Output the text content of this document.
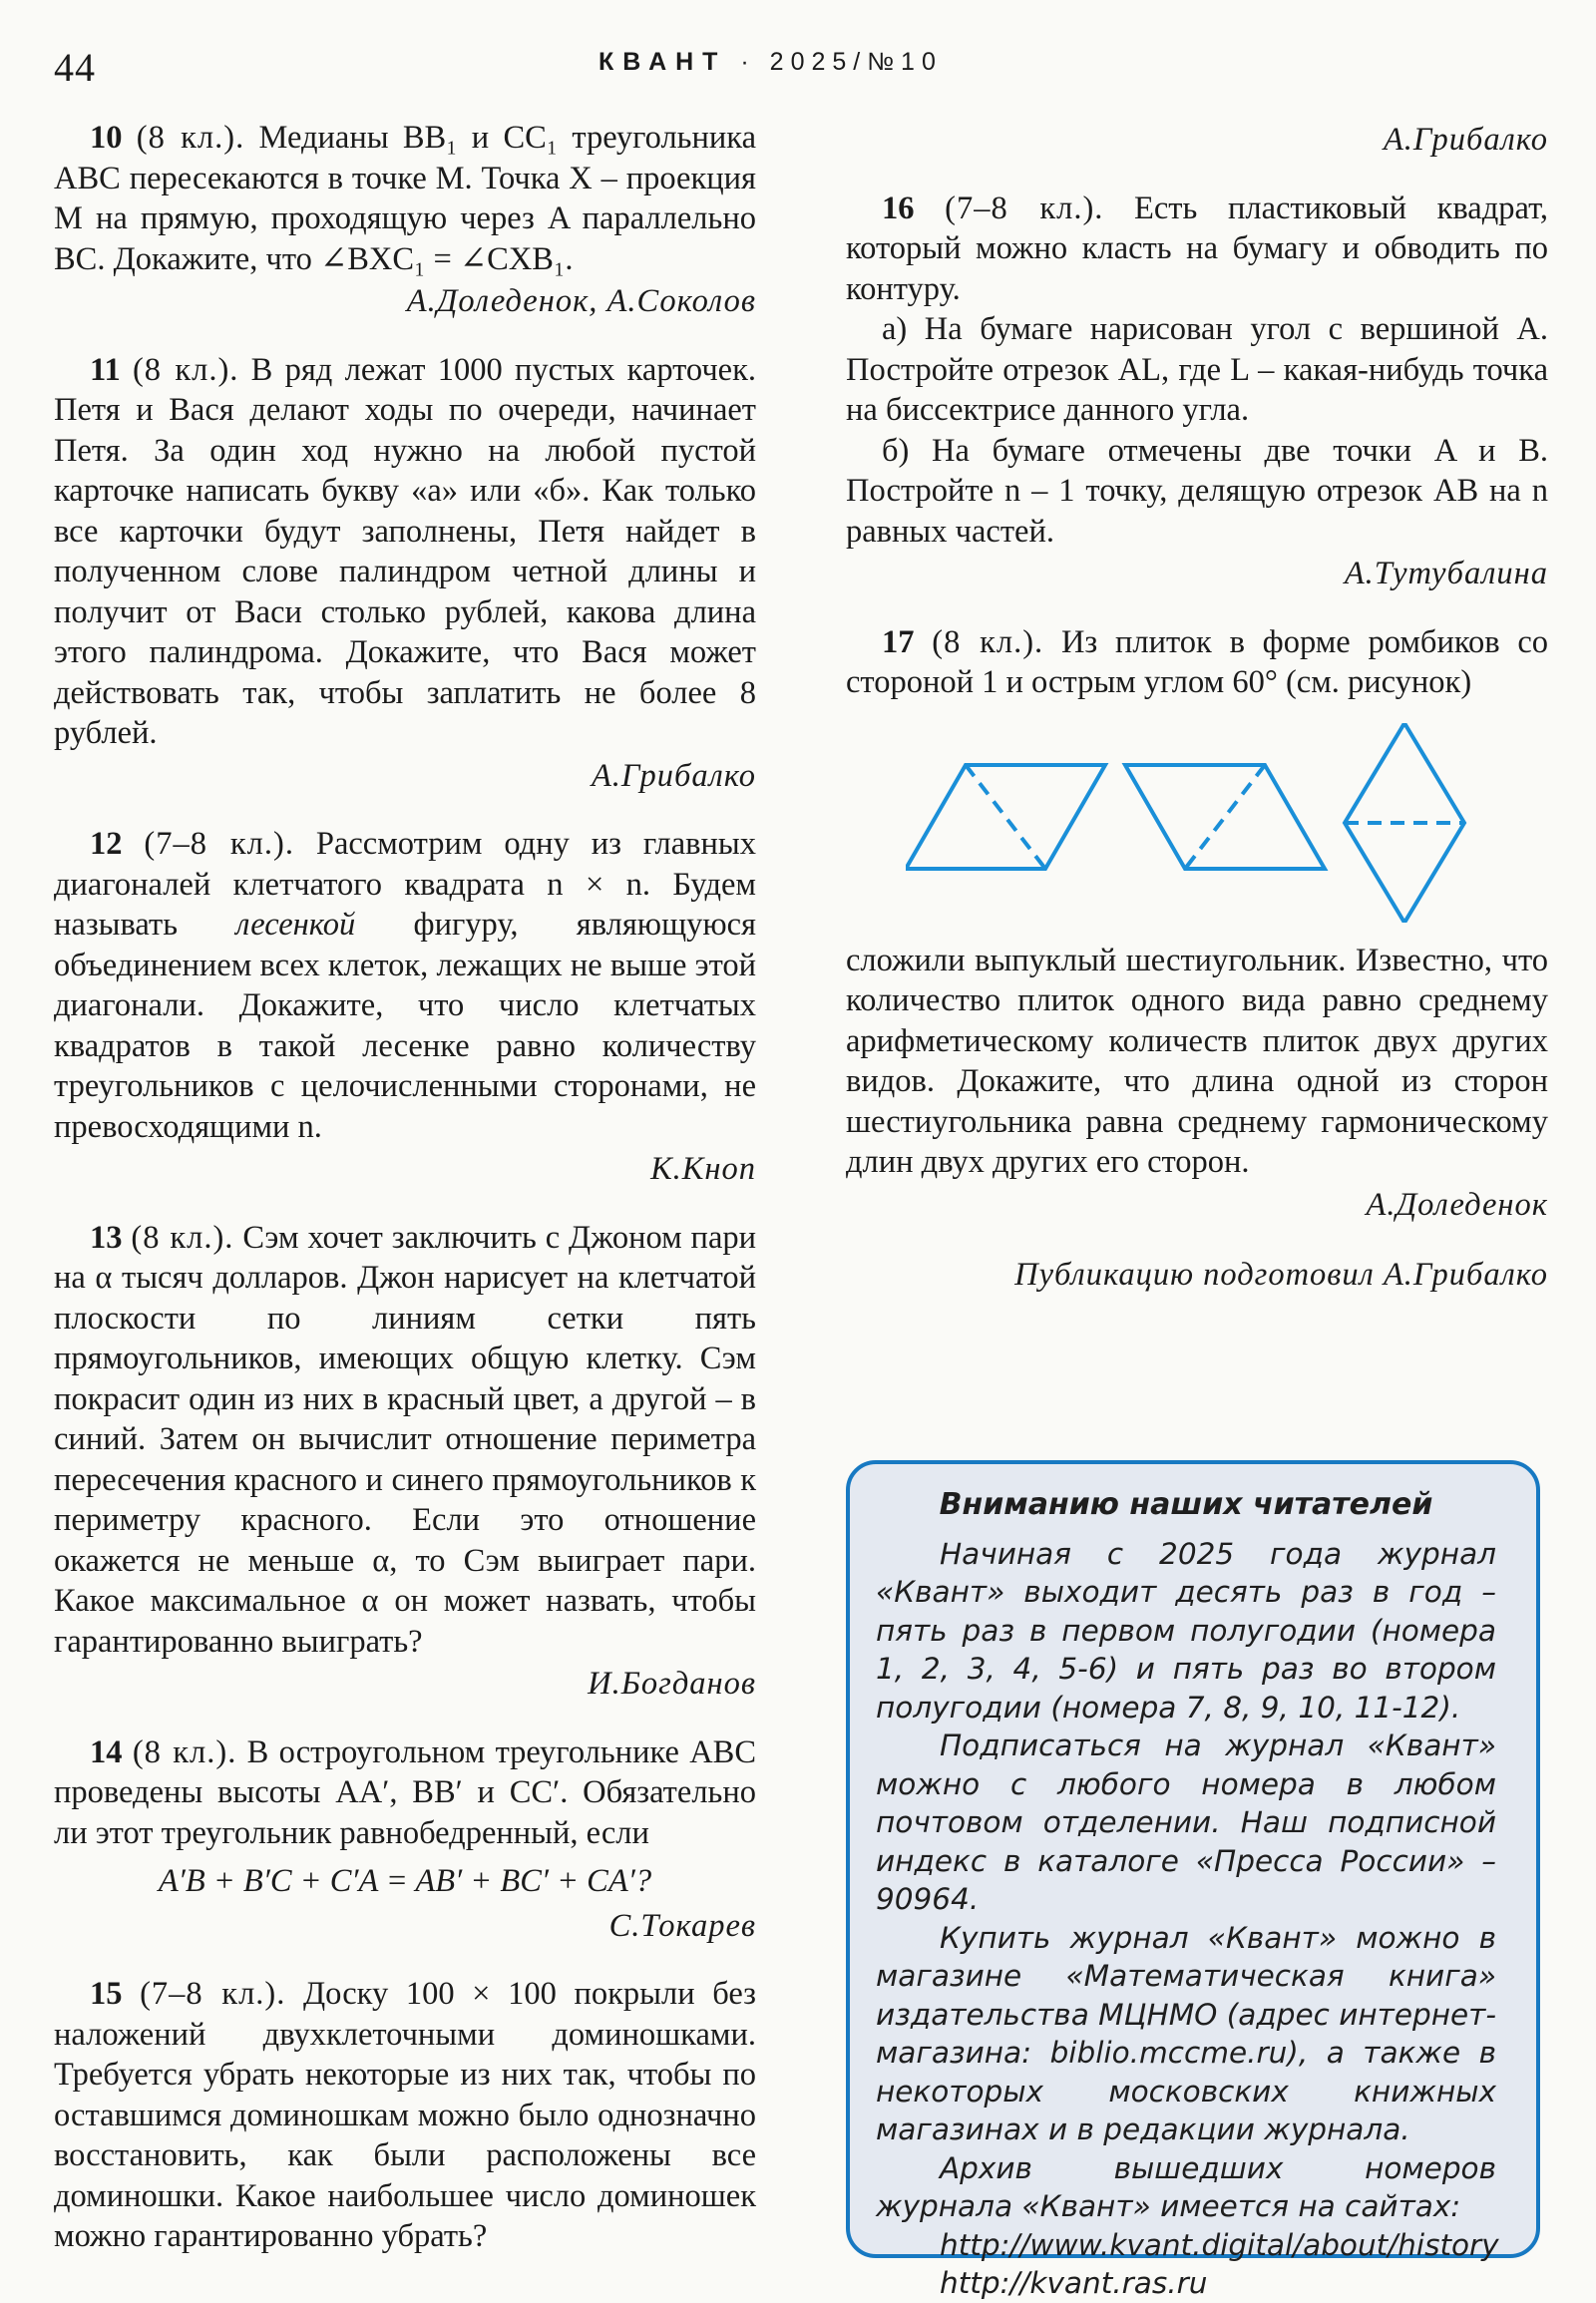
44	КВАНТ · 2025/№10

10 (8 кл.). Медианы BB₁ и CC₁ треугольника ABC пересекаются в точке M. Точка X – проекция M на прямую, проходящую через A параллельно BC. Докажите, что ∠BXC₁ = ∠CXB₁.

А.Доледенок, А.Соколов

11 (8 кл.). В ряд лежат 1000 пустых карточек. Петя и Вася делают ходы по очереди, начинает Петя. За один ход нужно на любой пустой карточке написать букву «а» или «б». Как только все карточки будут заполнены, Петя найдет в полученном слове палиндром четной длины и получит от Васи столько рублей, какова длина этого палиндрома. Докажите, что Вася может действовать так, чтобы заплатить не более 8 рублей.

А.Грибалко

12 (7–8 кл.). Рассмотрим одну из главных диагоналей клетчатого квадрата n × n. Будем называть лесенкой фигуру, являющуюся объединением всех клеток, лежащих не выше этой диагонали. Докажите, что число клетчатых квадратов в такой лесенке равно количеству треугольников с целочисленными сторонами, не превосходящими n.

К.Кноп

13 (8 кл.). Сэм хочет заключить с Джоном пари на α тысяч долларов. Джон нарисует на клетчатой плоскости по линиям сетки пять прямоугольников, имеющих общую клетку. Сэм покрасит один из них в красный цвет, а другой – в синий. Затем он вычислит отношение периметра пересечения красного и синего прямоугольников к периметру красного. Если это отношение окажется не меньше α, то Сэм выиграет пари. Какое максимальное α он может назвать, чтобы гарантированно выиграть?

И.Богданов

14 (8 кл.). В остроугольном треугольнике ABC проведены высоты AA′, BB′ и CC′. Обязательно ли этот треугольник равнобедренный, если

A′B + B′C + C′A = AB′ + BC′ + CA′?
С.Токарев

15 (7–8 кл.). Доску 100 × 100 покрыли без наложений двухклеточными доминошками. Требуется убрать некоторые из них так, чтобы по оставшимся доминошкам можно было однозначно восстановить, как были расположены все доминошки. Какое наибольшее число доминошек можно гарантированно убрать?

А.Грибалко

16 (7–8 кл.). Есть пластиковый квадрат, который можно класть на бумагу и обводить по контуру.

а) На бумаге нарисован угол с вершиной A. Постройте отрезок AL, где L – какая-нибудь точка на биссектрисе данного угла.

б) На бумаге отмечены две точки A и B. Постройте n – 1 точку, делящую отрезок AB на n равных частей.

А.Тутубалина

17 (8 кл.). Из плиток в форме ромбиков со стороной 1 и острым углом 60° (см. рисунок)

сложили выпуклый шестиугольник. Известно, что количество плиток одного вида равно среднему арифметическому количеств плиток двух других видов. Докажите, что длина одной из сторон шестиугольника равна среднему гармоническому длин двух других его сторон.

А.Доледенок
Публикацию подготовил А.Грибалко
Вниманию наших читателей

Начиная с 2025 года журнал «Квант» выходит десять раз в год – пять раз в первом полугодии (номера 1, 2, 3, 4, 5-6) и пять раз во втором полугодии (номера 7, 8, 9, 10, 11-12).

Подписаться на журнал «Квант» можно с любого номера в любом почтовом отделении. Наш подписной индекс в каталоге «Пресса России» – 90964.

Купить журнал «Квант» можно в магазине «Математическая книга» издательства МЦНМО (адрес интернет-магазина: biblio.mccme.ru), а также в некоторых московских книжных магазинах и в редакции журнала.

Архив вышедших номеров журнала «Квант» имеется на сайтах:

http://www.kvant.digital/about/history

http://kvant.ras.ru
